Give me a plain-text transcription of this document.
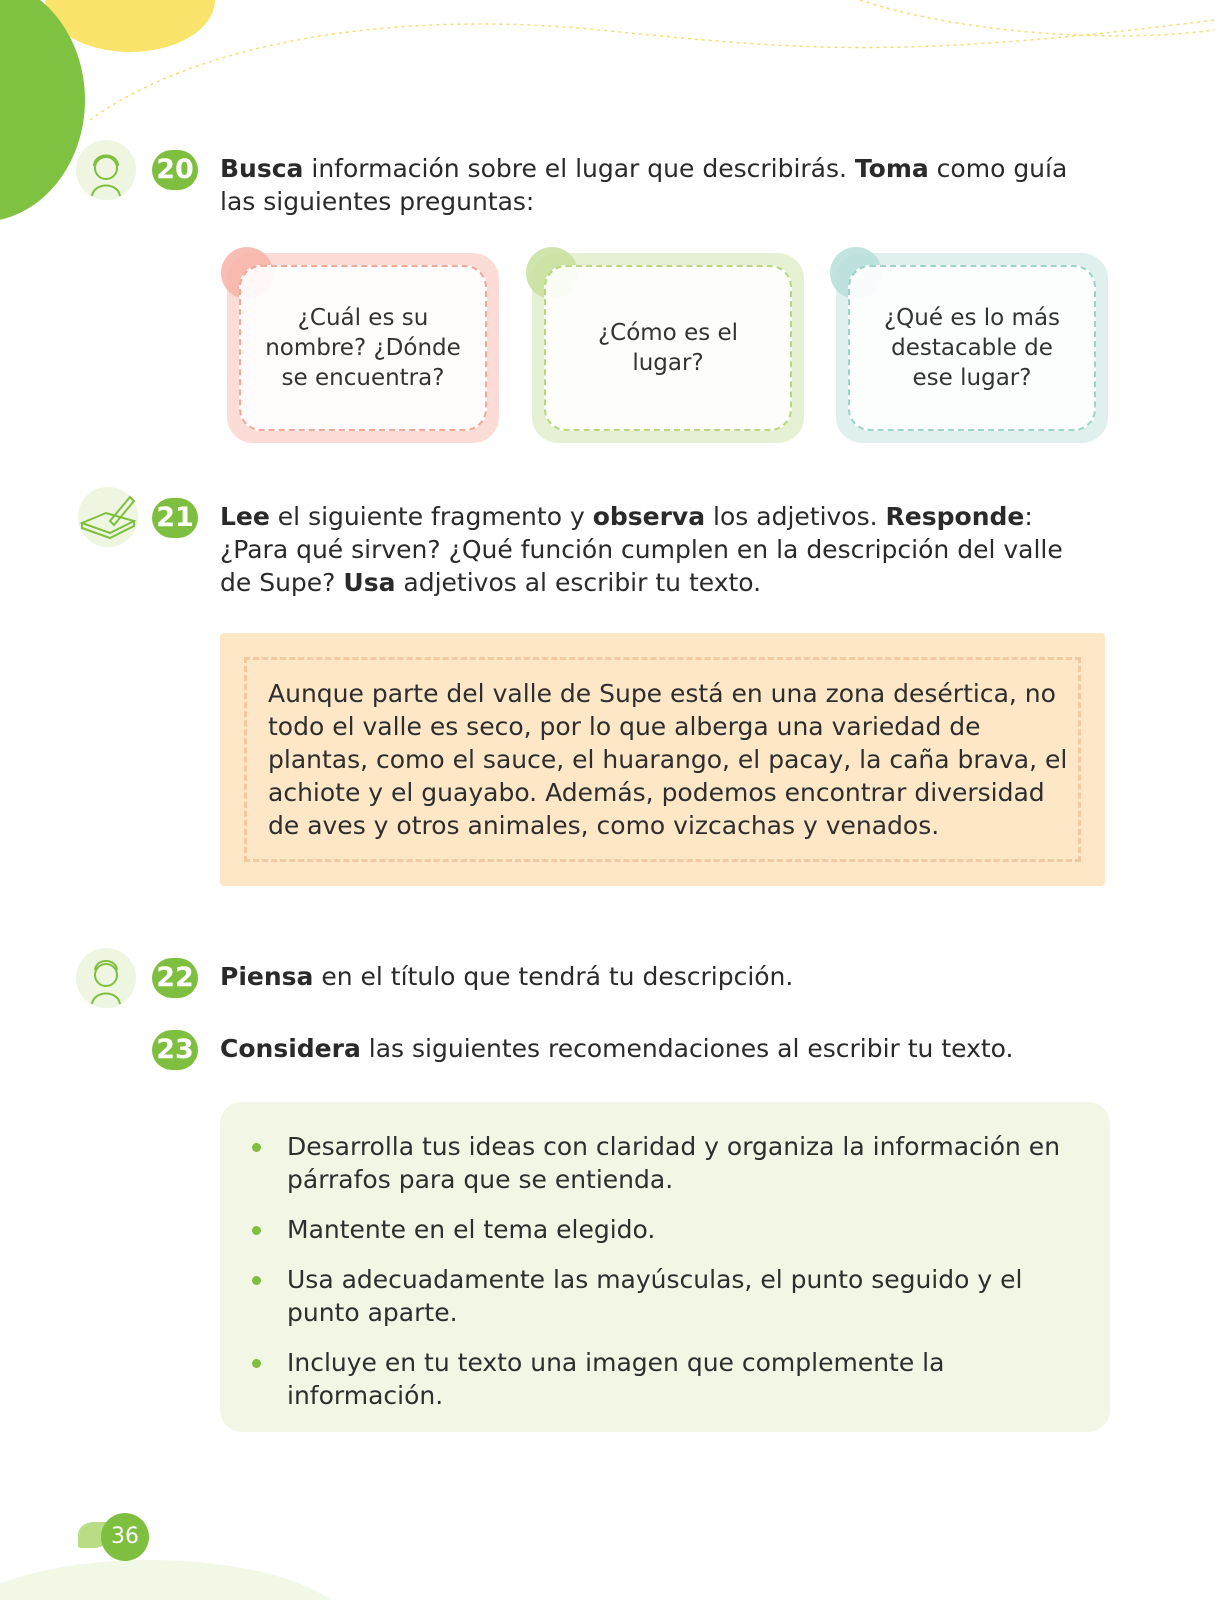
20 Busca información sobre el lugar que describirás. Toma como guía las siguientes preguntas:
¿Cuál es su nombre? ¿Dónde se encuentra?
¿Cómo es el lugar?
¿Qué es lo más destacable de ese lugar?
21 Lee el siguiente fragmento y observa los adjetivos. Responde: ¿Para qué sirven? ¿Qué función cumplen en la descripción del valle de Supe? Usa adjetivos al escribir tu texto.
Aunque parte del valle de Supe está en una zona desértica, no todo el valle es seco, por lo que alberga una variedad de plantas, como el sauce, el huarango, el pacay, la caña brava, el achiote y el guayabo. Además, podemos encontrar diversidad de aves y otros animales, como vizcachas y venados.
22 Piensa en el título que tendrá tu descripción.
23 Considera las siguientes recomendaciones al escribir tu texto.
Desarrolla tus ideas con claridad y organiza la información en párrafos para que se entienda.
Mantente en el tema elegido.
Usa adecuadamente las mayúsculas, el punto seguido y el punto aparte.
Incluye en tu texto una imagen que complemente la información.
36
